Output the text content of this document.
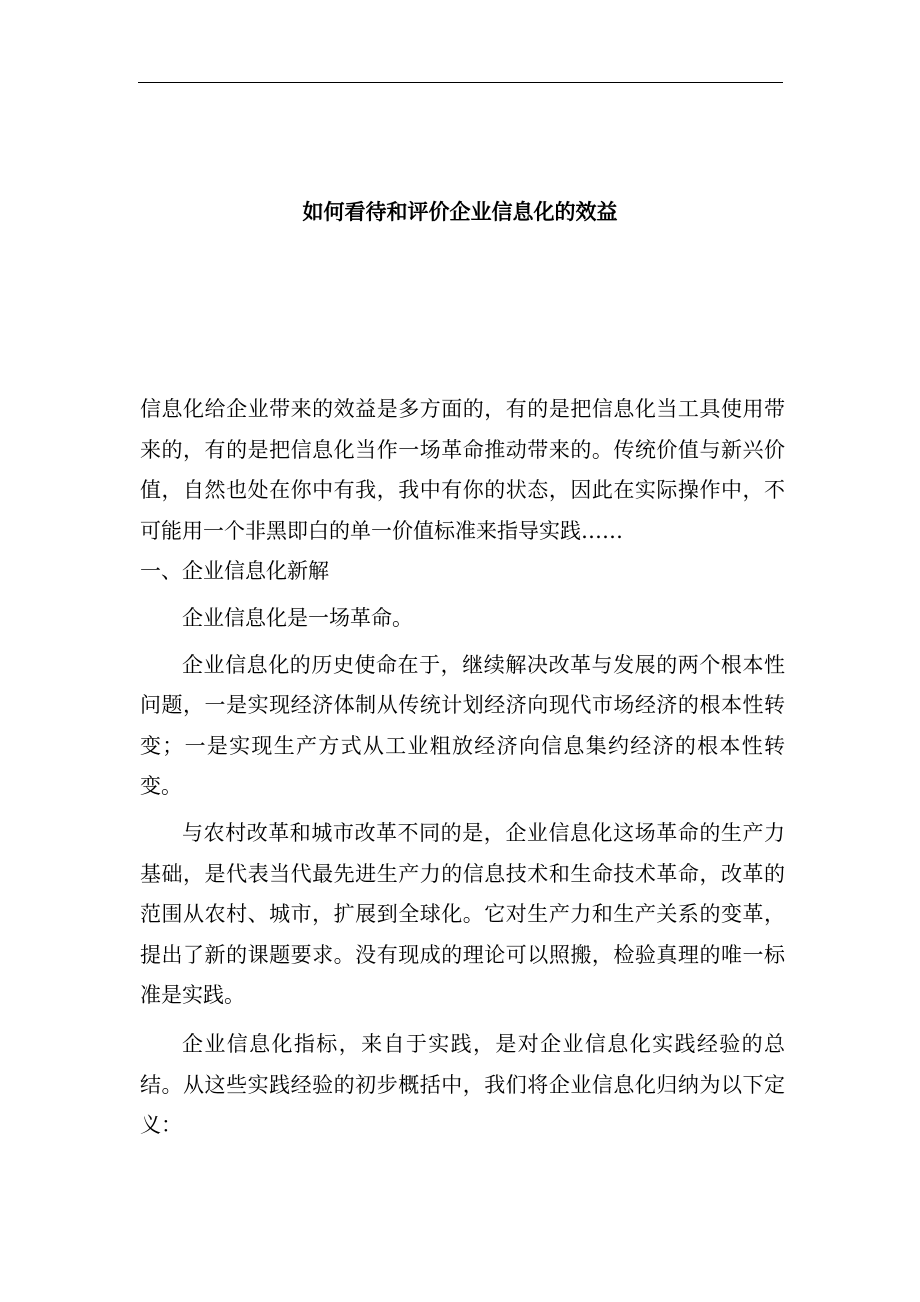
如何看待和评价企业信息化的效益

信息化给企业带来的效益是多方面的，有的是把信息化当工具使用带来的，有的是把信息化当作一场革命推动带来的。传统价值与新兴价值，自然也处在你中有我，我中有你的状态，因此在实际操作中，不可能用一个非黑即白的单一价值标准来指导实践……

一、企业信息化新解

企业信息化是一场革命。

企业信息化的历史使命在于，继续解决改革与发展的两个根本性问题，一是实现经济体制从传统计划经济向现代市场经济的根本性转变；一是实现生产方式从工业粗放经济向信息集约经济的根本性转变。

与农村改革和城市改革不同的是，企业信息化这场革命的生产力基础，是代表当代最先进生产力的信息技术和生命技术革命，改革的范围从农村、城市，扩展到全球化。它对生产力和生产关系的变革，提出了新的课题要求。没有现成的理论可以照搬，检验真理的唯一标准是实践。

企业信息化指标，来自于实践，是对企业信息化实践经验的总结。从这些实践经验的初步概括中，我们将企业信息化归纳为以下定义：
